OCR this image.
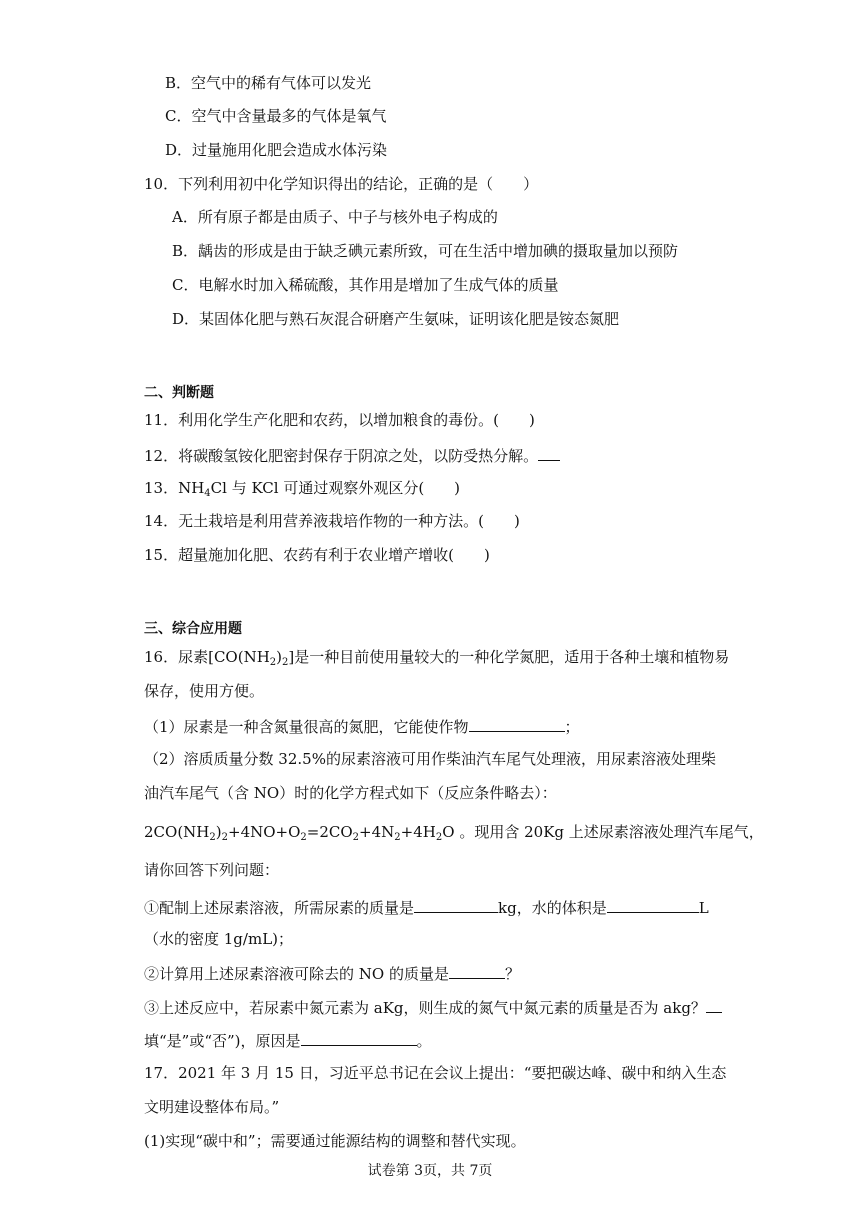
B．空气中的稀有气体可以发光
C．空气中含量最多的气体是氧气
D．过量施用化肥会造成水体污染
10．下列利用初中化学知识得出的结论，正确的是（　　）
A．所有原子都是由质子、中子与核外电子构成的
B．龋齿的形成是由于缺乏碘元素所致，可在生活中增加碘的摄取量加以预防
C．电解水时加入稀硫酸，其作用是增加了生成气体的质量
D．某固体化肥与熟石灰混合研磨产生氨味，证明该化肥是铵态氮肥
二、判断题
11．利用化学生产化肥和农药，以增加粮食的毒份。(　　)
12．将碳酸氢铵化肥密封保存于阴凉之处，以防受热分解。
13．$NH_4Cl$ 与 KCl 可通过观察外观区分(　　)
14．无土栽培是利用营养液栽培作物的一种方法。(　　)
15．超量施加化肥、农药有利于农业增产增收(　　)
三、综合应用题
16．尿素$[CO(NH_2)_2]$是一种目前使用量较大的一种化学氮肥，适用于各种土壤和植物易
保存，使用方便。
（1）尿素是一种含氮量很高的氮肥，它能使作物	；
（2）溶质质量分数 32.5%的尿素溶液可用作柴油汽车尾气处理液，用尿素溶液处理柴
油汽车尾气（含 NO）时的化学方程式如下（反应条件略去）：
$2CO(NH_2)_2+4NO+O_2=2CO_2+4N_2+4H_2O$ 。现用含 20Kg 上述尿素溶液处理汽车尾气，
请你回答下列问题：
①配制上述尿素溶液，所需尿素的质量是	kg，水的体积是	L
（水的密度 1g/mL)；
②计算用上述尿素溶液可除去的 NO 的质量是	？
③上述反应中，若尿素中氮元素为 aKg，则生成的氮气中氮元素的质量是否为 akg？
填“是”或“否”)，原因是	。
17．2021 年 3 月 15 日，习近平总书记在会议上提出：“要把碳达峰、碳中和纳入生态
文明建设整体布局。”
(1)实现“碳中和”；需要通过能源结构的调整和替代实现。
试卷第 3页，共 7页
